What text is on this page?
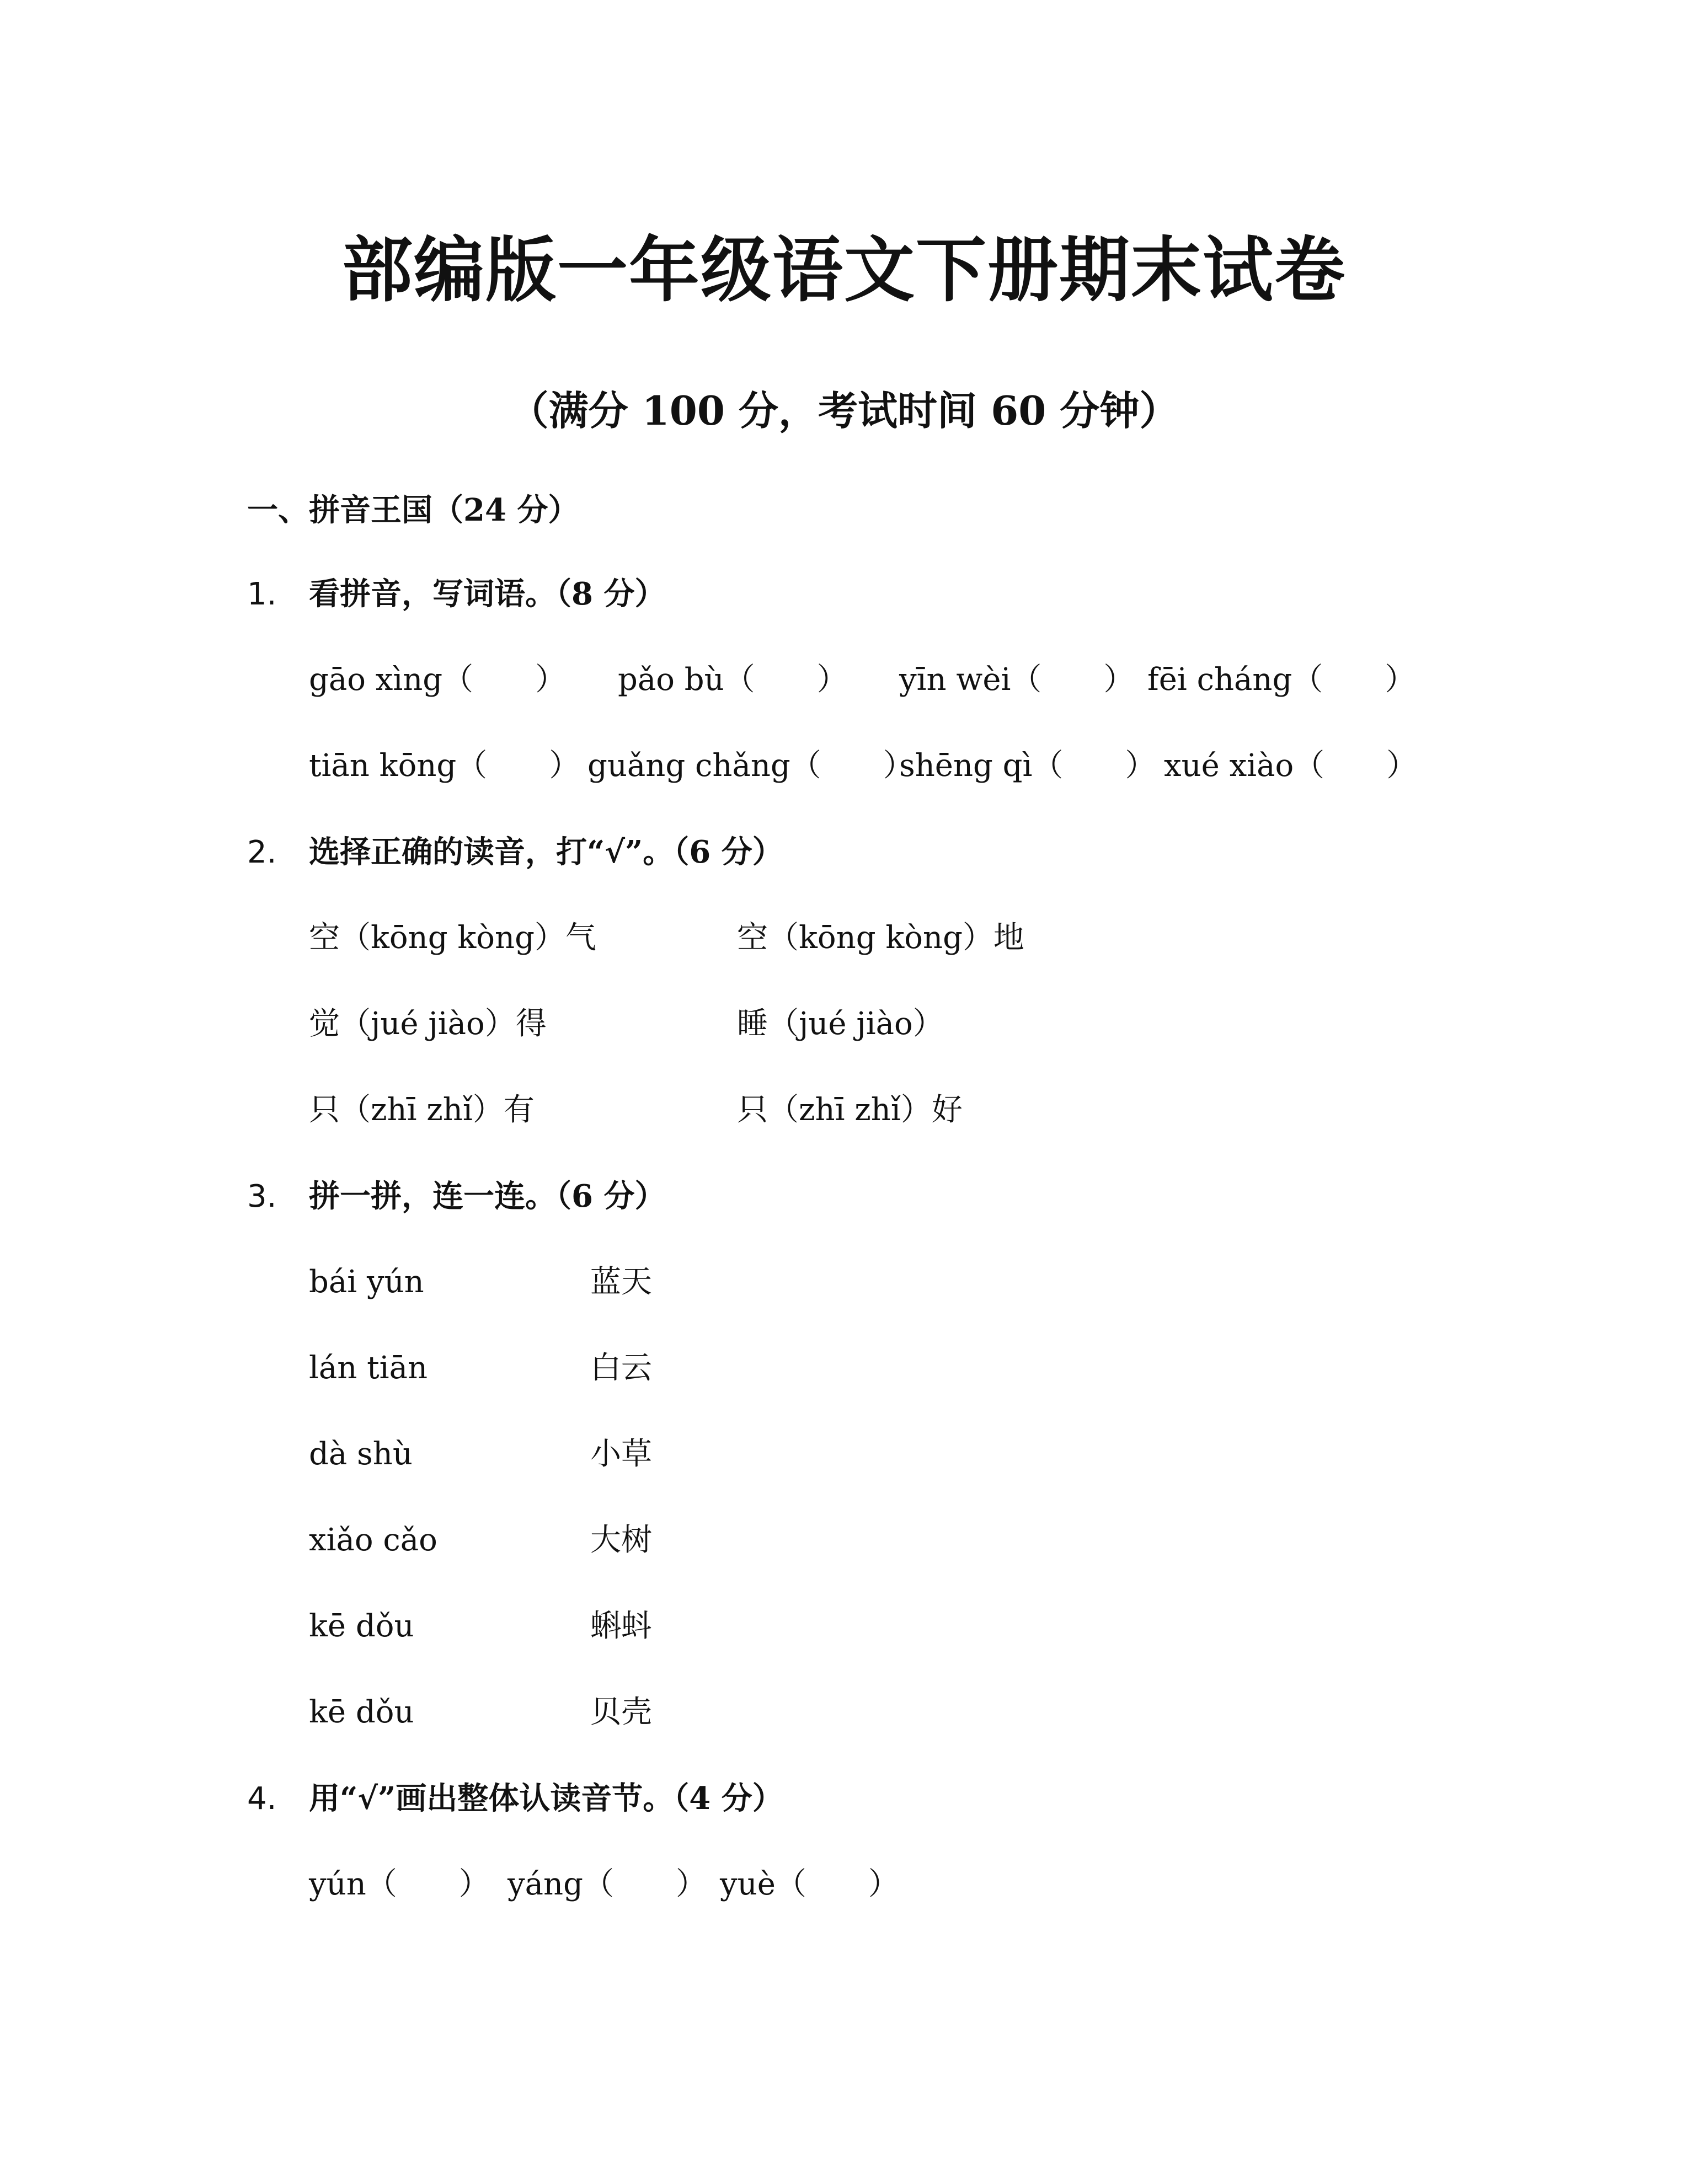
部编版一年级语文下册期末试卷
（满分 100 分，考试时间 60 分钟）
一、拼音王国（24 分）
1. 看拼音，写词语。（8 分）
gāo xìng（　　） pǎo bù（　　） yīn wèi（　　） fēi cháng（　　）
tiān kōng（　　） guǎng chǎng（　　）
shēng qì（　　） xué xiào（　　）
2. 选择正确的读音，打“√”。（6 分）
空（kōng kòng）气	空（kōng kòng）地
觉（jué jiào）得	睡（jué jiào）
只（zhī zhǐ）有	只（zhī zhǐ）好
3. 拼一拼，连一连。（6 分）
bái yún	蓝天
lán tiān	白云
dà shù	小草
xiǎo cǎo	大树
kē dǒu	蝌蚪
kē dǒu	贝壳
4. 用“√”画出整体认读音节。（4 分）
yún（　　） yáng（　　） yuè（　　）
